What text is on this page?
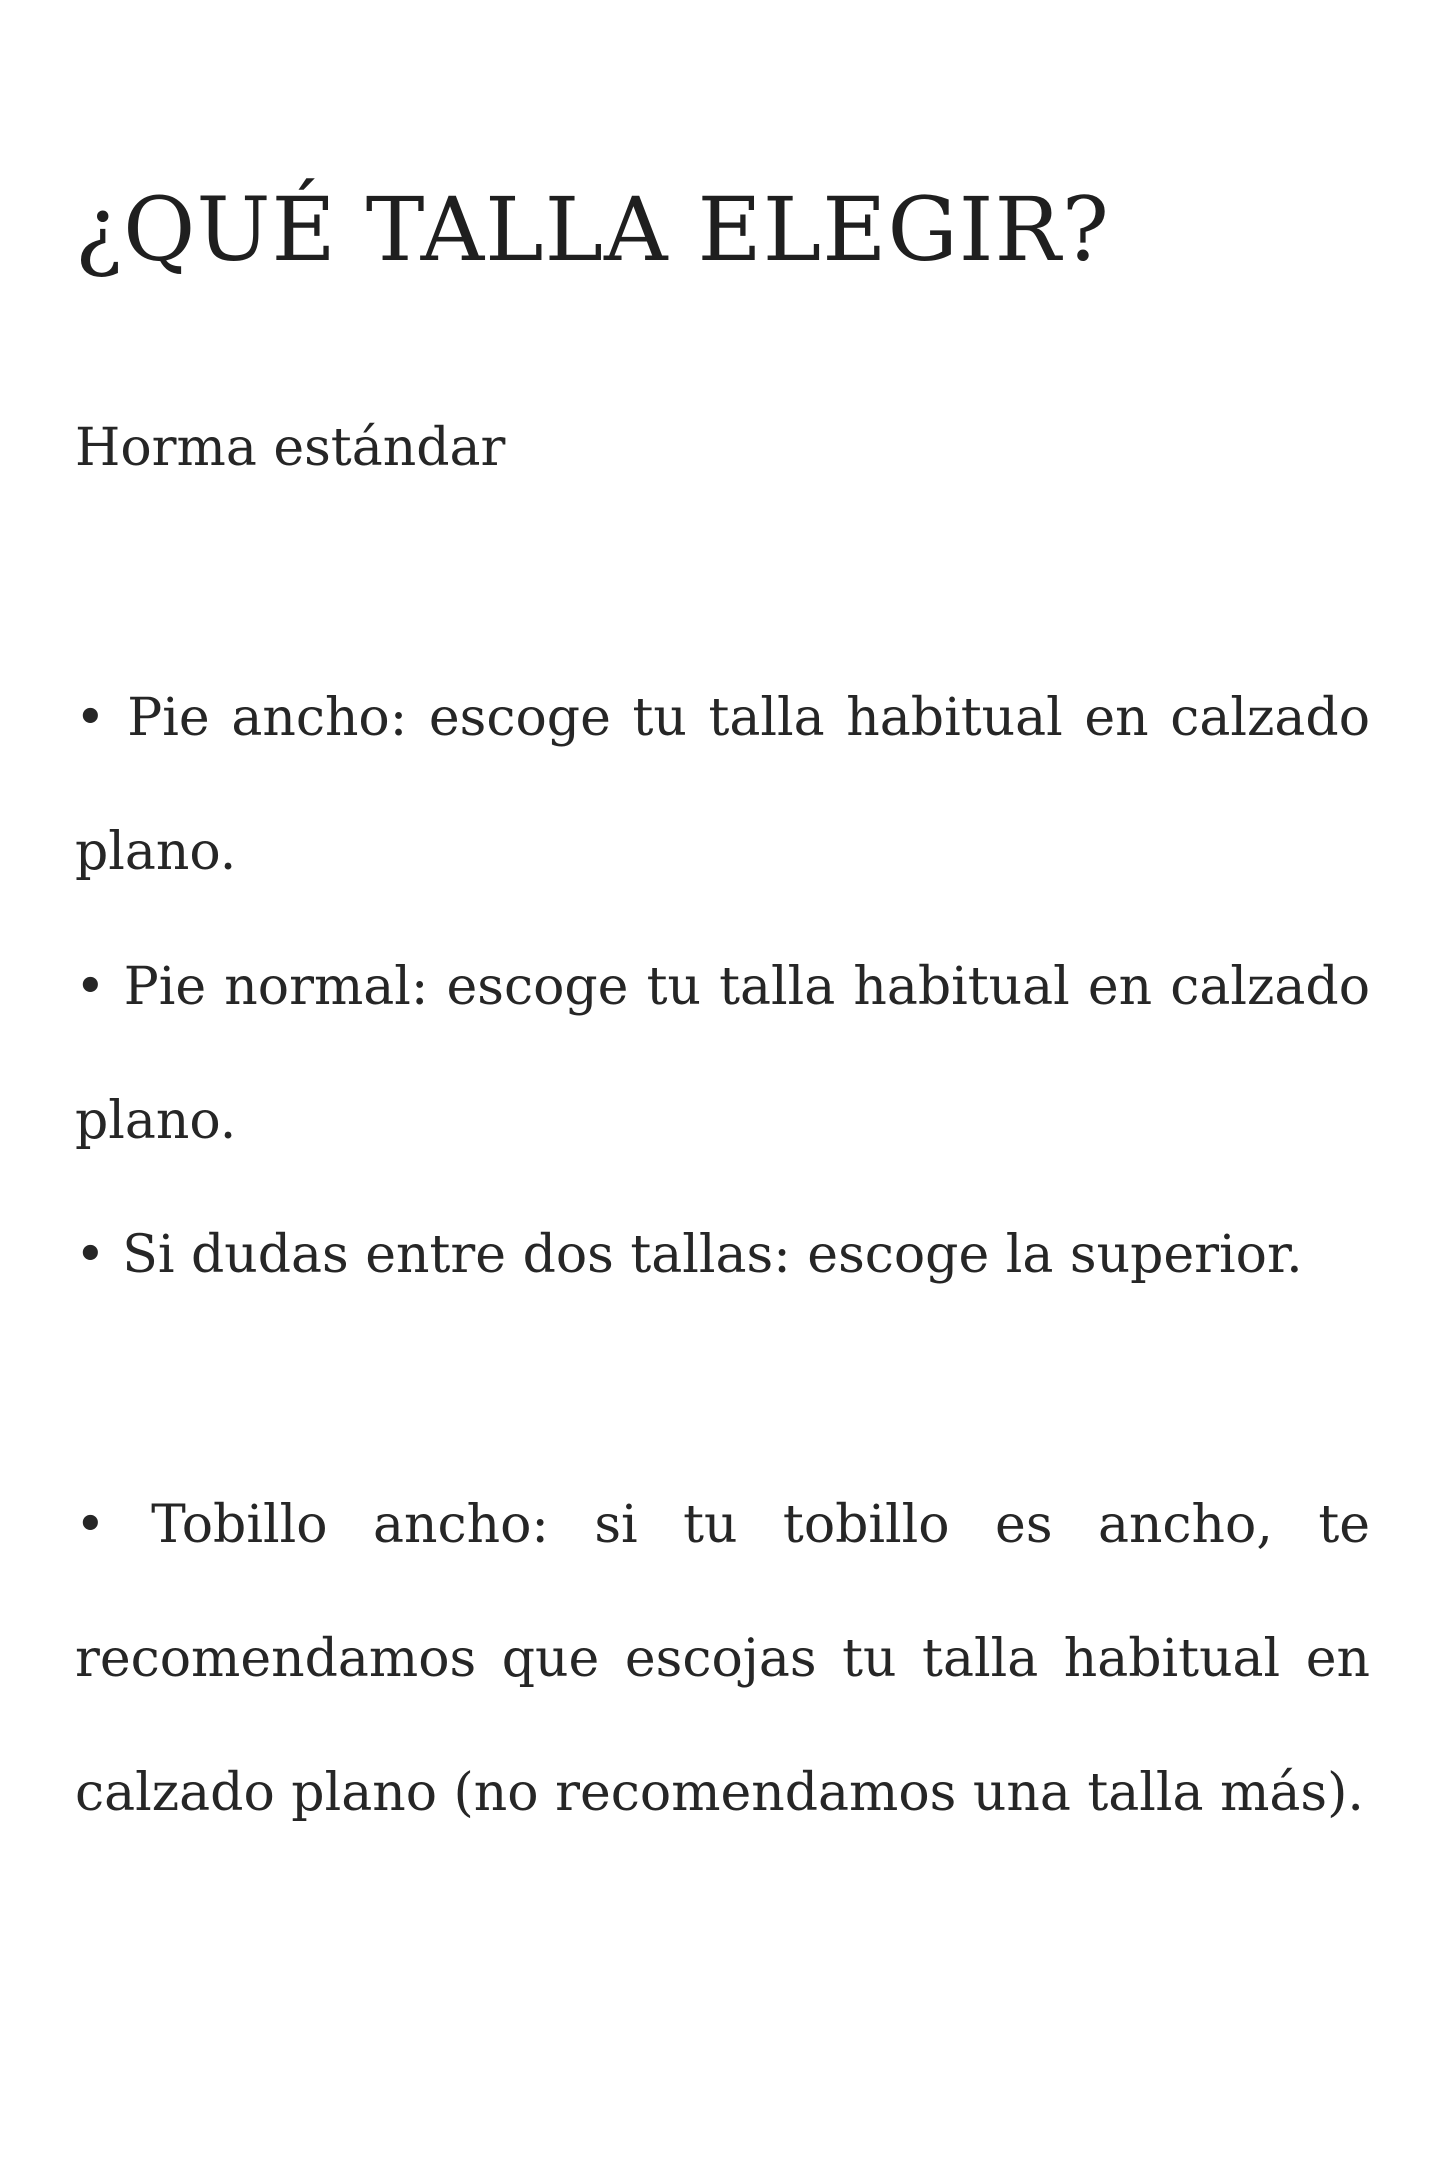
¿QUÉ TALLA ELEGIR?
Horma estándar

• Pie ancho: escoge tu talla habitual en calzado plano.

• Pie normal: escoge tu talla habitual en calzado plano.

• Si dudas entre dos tallas: escoge la superior.

• Tobillo ancho: si tu tobillo es ancho, te recomendamos que escojas tu talla habitual en calzado plano (no recomendamos una talla más).
